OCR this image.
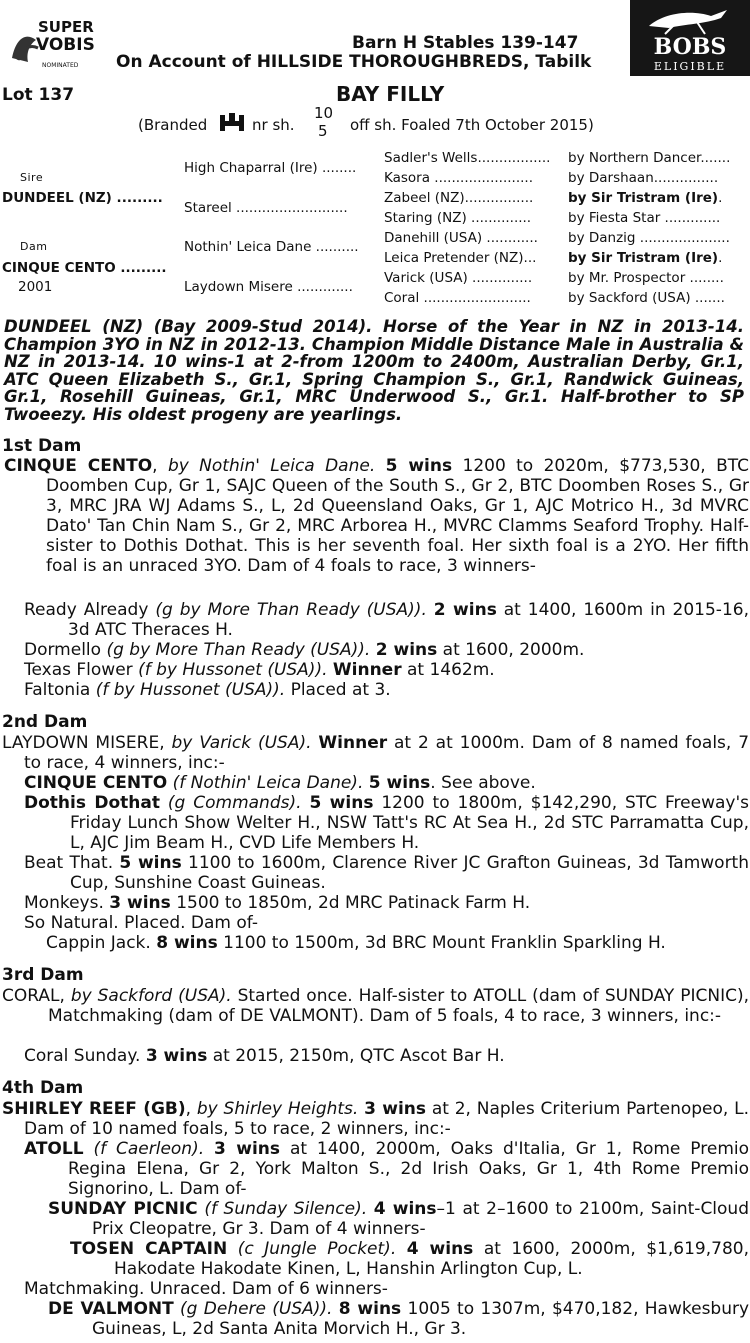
SUPER
VOBIS
NOMINATED
BOBS
ELIGIBLE
Barn H Stables 139-147
On Account of HILLSIDE THOROUGHBREDS, Tabilk
Lot 137	BAY FILLY
(Branded	nr sh.
10
5 off sh. Foaled 7th October 2015)
Sire
DUNDEEL (NZ) .........
Dam
CINQUE CENTO .........
2001
High Chaparral (Ire) ........
Stareel ..........................
Nothin' Leica Dane ..........
Laydown Misere .............
Sadler's Wells.................
Kasora .......................
Zabeel (NZ)................
Staring (NZ) ..............
Danehill (USA) ............
Leica Pretender (NZ)...
Varick (USA) ..............
Coral .........................
by Northern Dancer.......
by Darshaan...............
by Sir Tristram (Ire).
by Fiesta Star .............
by Danzig .....................
by Sir Tristram (Ire).
by Mr. Prospector ........
by Sackford (USA) .......
DUNDEEL (NZ) (Bay 2009-Stud 2014). Horse of the Year in NZ in 2013-14. Champion 3YO in NZ in 2012-13. Champion Middle Distance Male in Australia & NZ in 2013-14. 10 wins-1 at 2-from 1200m to 2400m, Australian Derby, Gr.1, ATC Queen Elizabeth S., Gr.1, Spring Champion S., Gr.1, Randwick Guineas, Gr.1, Rosehill Guineas, Gr.1, MRC Underwood S., Gr.1. Half-brother to SP Twoeezy. His oldest progeny are yearlings.
1st Dam
CINQUE CENTO, by Nothin' Leica Dane. 5 wins 1200 to 2020m, $773,530, BTC Doomben Cup, Gr 1, SAJC Queen of the South S., Gr 2, BTC Doomben Roses S., Gr 3, MRC JRA WJ Adams S., L, 2d Queensland Oaks, Gr 1, AJC Motrico H., 3d MVRC Dato' Tan Chin Nam S., Gr 2, MRC Arborea H., MVRC Clamms Seaford Trophy. Half-sister to Dothis Dothat. This is her seventh foal. Her sixth foal is a 2YO. Her fifth foal is an unraced 3YO. Dam of 4 foals to race, 3 winners-
Ready Already (g by More Than Ready (USA)). 2 wins at 1400, 1600m in 2015-16, 3d ATC Theraces H.
Dormello (g by More Than Ready (USA)). 2 wins at 1600, 2000m.
Texas Flower (f by Hussonet (USA)). Winner at 1462m.
Faltonia (f by Hussonet (USA)). Placed at 3.
2nd Dam
LAYDOWN MISERE, by Varick (USA). Winner at 2 at 1000m. Dam of 8 named foals, 7 to race, 4 winners, inc:-
CINQUE CENTO (f Nothin' Leica Dane). 5 wins. See above.
Dothis Dothat (g Commands). 5 wins 1200 to 1800m, $142,290, STC Freeway's Friday Lunch Show Welter H., NSW Tatt's RC At Sea H., 2d STC Parramatta Cup, L, AJC Jim Beam H., CVD Life Members H.
Beat That. 5 wins 1100 to 1600m, Clarence River JC Grafton Guineas, 3d Tamworth Cup, Sunshine Coast Guineas.
Monkeys. 3 wins 1500 to 1850m, 2d MRC Patinack Farm H.
So Natural. Placed. Dam of-
Cappin Jack. 8 wins 1100 to 1500m, 3d BRC Mount Franklin Sparkling H.
3rd Dam
CORAL, by Sackford (USA). Started once. Half-sister to ATOLL (dam of SUNDAY PICNIC), Matchmaking (dam of DE VALMONT). Dam of 5 foals, 4 to race, 3 winners, inc:-
Coral Sunday. 3 wins at 2015, 2150m, QTC Ascot Bar H.
4th Dam
SHIRLEY REEF (GB), by Shirley Heights. 3 wins at 2, Naples Criterium Partenopeo, L. Dam of 10 named foals, 5 to race, 2 winners, inc:-
ATOLL (f Caerleon). 3 wins at 1400, 2000m, Oaks d'Italia, Gr 1, Rome Premio Regina Elena, Gr 2, York Malton S., 2d Irish Oaks, Gr 1, 4th Rome Premio Signorino, L. Dam of-
SUNDAY PICNIC (f Sunday Silence). 4 wins–1 at 2–1600 to 2100m, Saint-Cloud Prix Cleopatre, Gr 3. Dam of 4 winners-
TOSEN CAPTAIN (c Jungle Pocket). 4 wins at 1600, 2000m, $1,619,780, Hakodate Hakodate Kinen, L, Hanshin Arlington Cup, L.
Matchmaking. Unraced. Dam of 6 winners-
DE VALMONT (g Dehere (USA)). 8 wins 1005 to 1307m, $470,182, Hawkesbury Guineas, L, 2d Santa Anita Morvich H., Gr 3.
